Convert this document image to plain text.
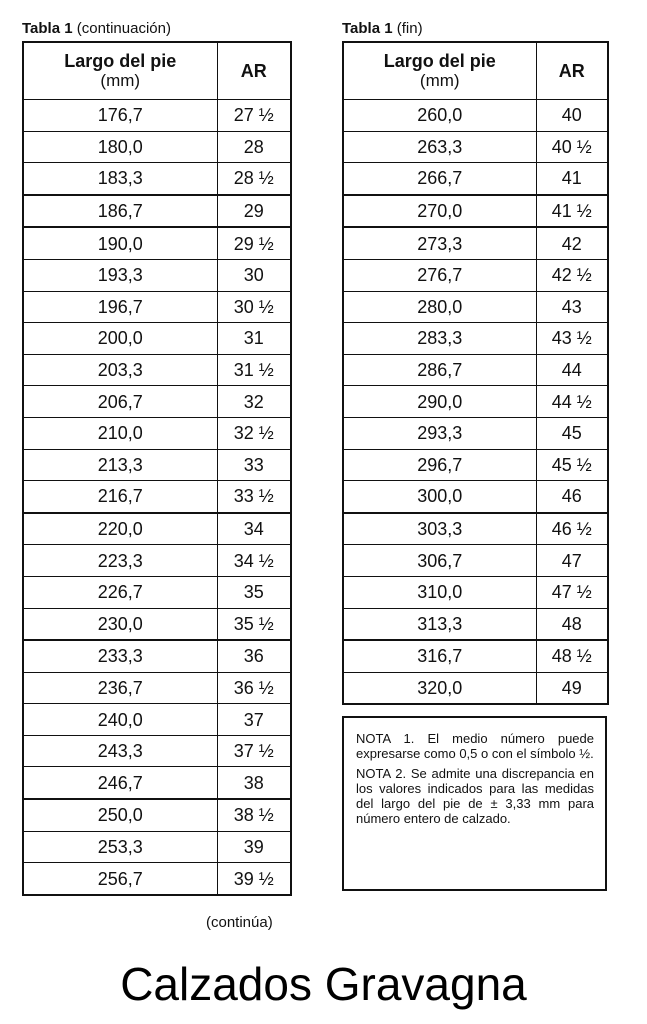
Tabla 1 (continuación)	Tabla 1 (fin)
Largo del pie
(mm)	AR
176,7	27 ½
180,0	28
183,3	28 ½
186,7	29
190,0	29 ½
193,3	30
196,7	30 ½
200,0	31
203,3	31 ½
206,7	32
210,0	32 ½
213,3	33
216,7	33 ½
220,0	34
223,3	34 ½
226,7	35
230,0	35 ½
233,3	36
236,7	36 ½
240,0	37
243,3	37 ½
246,7	38
250,0	38 ½
253,3	39
256,7	39 ½
Largo del pie
(mm)	AR
260,0	40
263,3	40 ½
266,7	41
270,0	41 ½
273,3	42
276,7	42 ½
280,0	43
283,3	43 ½
286,7	44
290,0	44 ½
293,3	45
296,7	45 ½
300,0	46
303,3	46 ½
306,7	47
310,0	47 ½
313,3	48
316,7	48 ½
320,0	49

NOTA 1. El medio número puede expresarse como 0,5 o con el símbolo ½.

NOTA 2. Se admite una discrepancia en los valores indicados para las medidas del largo del pie de ± 3,33 mm para número entero de calzado.

(continúa)
Calzados Gravagna
